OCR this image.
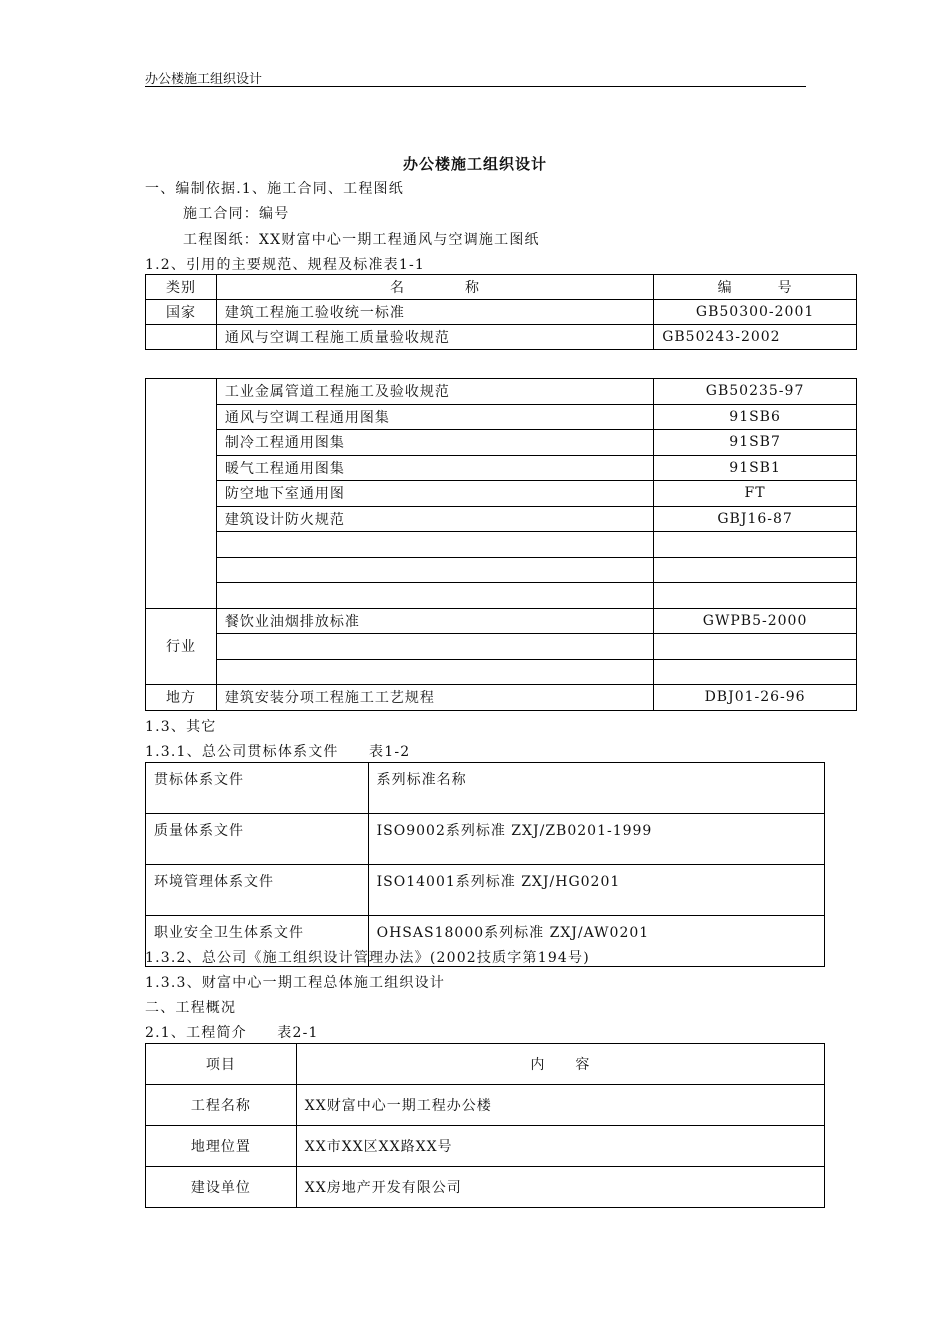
办公楼施工组织设计
办公楼施工组织设计
一、编制依据.1、施工合同、工程图纸
施工合同：编号
工程图纸：XX财富中心一期工程通风与空调施工图纸
1.2、引用的主要规范、规程及标准表1-1
类别	名　　　　称	编　　　号
国家	建筑工程施工验收统一标准	GB50300-2001
	通风与空调工程施工质量验收规范	GB50243-2002
	工业金属管道工程施工及验收规范	GB50235-97
	通风与空调工程通用图集	91SB6
	制冷工程通用图集	91SB7
	暖气工程通用图集	91SB1
	防空地下室通用图	FT
	建筑设计防火规范	GBJ16-87

行业	餐饮业油烟排放标准	GWPB5-2000

地方	建筑安装分项工程施工工艺规程	DBJ01-26-96
1.3、其它
1.3.1、总公司贯标体系文件　　表1-2
贯标体系文件	系列标准名称
质量体系文件	ISO9002系列标准 ZXJ/ZB0201-1999
环境管理体系文件	ISO14001系列标准 ZXJ/HG0201
职业安全卫生体系文件	OHSAS18000系列标准 ZXJ/AW0201
1.3.2、总公司《施工组织设计管理办法》(2002技质字第194号)
1.3.3、财富中心一期工程总体施工组织设计
二、工程概况
2.1、工程简介　　表2-1
项目	内　　容
工程名称	XX财富中心一期工程办公楼
地理位置	XX市XX区XX路XX号
建设单位	XX房地产开发有限公司
